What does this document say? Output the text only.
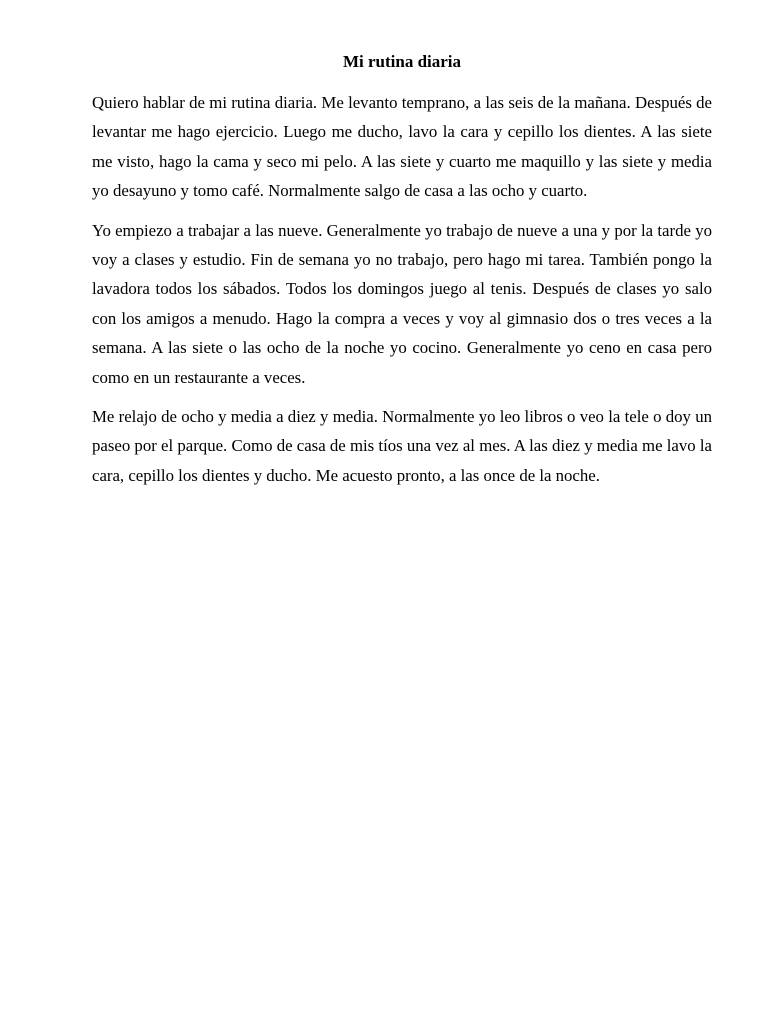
Mi rutina diaria

Quiero hablar de mi rutina diaria. Me levanto temprano, a las seis de la mañana. Después de levantar me hago ejercicio. Luego me ducho, lavo la cara y cepillo los dientes. A las siete me visto, hago la cama y seco mi pelo. A las siete y cuarto me maquillo y las siete y media yo desayuno y tomo café. Normalmente salgo de casa a las ocho y cuarto.

Yo empiezo a trabajar a las nueve. Generalmente yo trabajo de nueve a una y por la tarde yo voy a clases y estudio. Fin de semana yo no trabajo, pero hago mi tarea. También pongo la lavadora todos los sábados. Todos los domingos juego al tenis. Después de clases yo salo con los amigos a menudo. Hago la compra a veces y voy al gimnasio dos o tres veces a la semana. A las siete o las ocho de la noche yo cocino. Generalmente yo ceno en casa pero como en un restaurante a veces.

Me relajo de ocho y media a diez y media. Normalmente yo leo libros o veo la tele o doy un paseo por el parque. Como de casa de mis tíos una vez al mes. A las diez y media me lavo la cara, cepillo los dientes y ducho. Me acuesto pronto, a las once de la noche.
